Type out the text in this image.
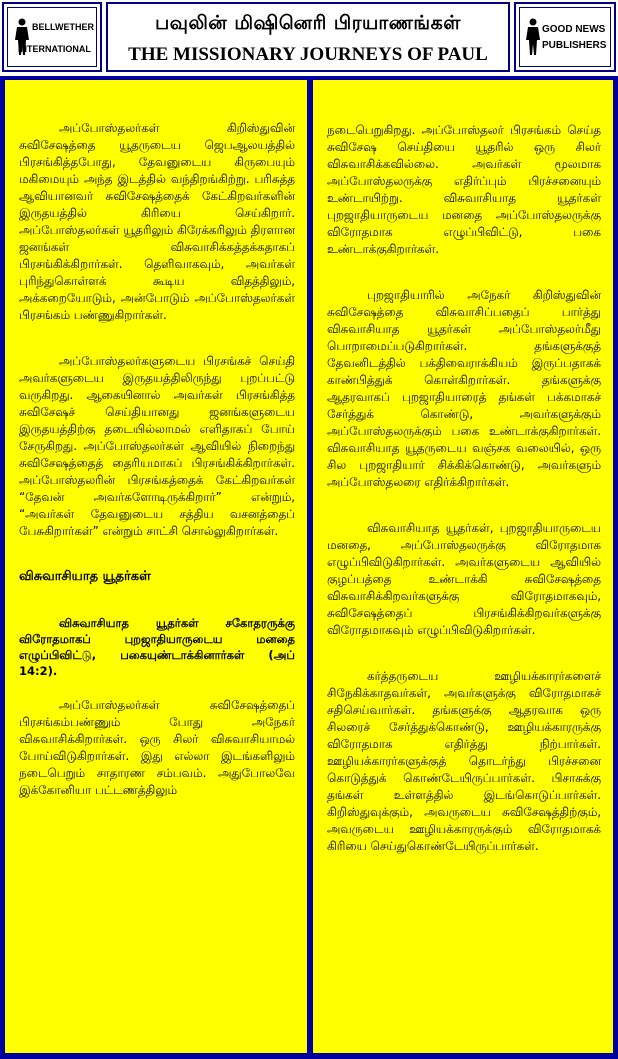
BELLWETHER
INTERNATIONAL
பவுலின் மிஷினெரி பிரயாணங்கள்
THE MISSIONARY JOURNEYS OF PAUL
GOOD NEWS
PUBLISHERS

அப்போஸ்தலர்கள் கிறிஸ்துவின் சுவிசேஷத்தை யூதருடைய ஜெபஆலயத்தில் பிரசங்கித்தபோது, தேவனுடைய கிருபையும் மகிமையும் அந்த இடத்தில் வந்திறங்கிற்று. பரிசுத்த ஆவியானவர் சுவிசேஷத்தைக் கேட்கிறவர்களின் இருதயத்தில் கிரியை செய்கிறார். அப்போஸ்தலர்கள் யூதரிலும் கிரேக்கரிலும் திரளான ஜனங்கள் விசுவாசிக்கத்தக்கதாகப் பிரசங்கிக்கிறார்கள். தெளிவாகவும், அவர்கள் புரிந்துகொள்ளக் கூடிய விதத்திலும், அக்கறையோடும், அன்போடும் அப்போஸ்தலர்கள் பிரசங்கம் பண்ணுகிறார்கள்.

அப்போஸ்தலர்களுடைய பிரசங்கச் செய்தி அவர்களுடைய இருதயத்திலிருந்து புறப்பட்டு வருகிறது. ஆகையினால் அவர்கள் பிரசங்கித்த சுவிசேஷச் செய்தியானது ஜனங்களுடைய இருதயத்திற்கு தடையில்லாமல் எளிதாகப் போய் சேருகிறது. அப்போஸ்தலர்கள் ஆவியில் நிறைந்து சுவிசேஷத்தைத் தைரியமாகப் பிரசங்கிக்கிறார்கள். அப்போஸ்தலரின் பிரசங்கத்தைக் கேட்கிறவர்கள் “தேவன் அவர்களோடிருக்கிறார்” என்றும், “அவர்கள் தேவனுடைய சத்திய வசனத்தைப் பேசுகிறார்கள்” என்றும் சாட்சி சொல்லுகிறார்கள்.

விசுவாசியாத யூதர்கள்

விசுவாசியாத யூதர்கள் சகோதரருக்கு விரோதமாகப் புறஜாதியாருடைய மனதை எழுப்பிவிட்டு, பகையுண்டாக்கினார்கள் (அப் 14:2).

அப்போஸ்தலர்கள் சுவிசேஷத்தைப் பிரசங்கம்பண்ணும் போது அநேகர் விசுவாசிக்கிறார்கள். ஒரு சிலர் விசுவாசியாமல் போய்விடுகிறார்கள். இது எல்லா இடங்களிலும் நடைபெறும் சாதாரண சம்பவம். அதுபோலவே இக்கோனியா பட்டணத்திலும்

நடைபெறுகிறது. அப்போஸ்தலர் பிரசங்கம் செய்த சுவிசேஷ செய்தியை யூதரில் ஒரு சிலர் விசுவாசிக்கவில்லை. அவர்கள் மூலமாக அப்போஸ்தலருக்கு எதிர்ப்பும் பிரச்சனையும் உண்டாயிற்று. விசுவாசியாத யூதர்கள் புறஜாதியாருடைய மனதை அப்போஸ்தலருக்கு விரோதமாக எழுப்பிவிட்டு, பகை உண்டாக்குகிறார்கள்.

புறஜாதியாரில் அநேகர் கிறிஸ்துவின் சுவிசேஷத்தை விசுவாசிப்பதைப் பார்த்து விசுவாசியாத யூதர்கள் அப்போஸ்தலர்மீது பொறாமைப்படுகிறார்கள். தங்களுக்குத் தேவனிடத்தில் பக்திவைராக்கியம் இருப்பதாகக் காண்பித்துக் கொள்கிறார்கள். தங்களுக்கு ஆதரவாகப் புறஜாதியாரைத் தங்கள் பக்கமாகச் சேர்த்துக் கொண்டு, அவர்களுக்கும் அப்போஸ்தலருக்கும் பகை உண்டாக்குகிறார்கள். விசுவாசியாத யூதருடைய வஞ்சக வலையில், ஒரு சில புறஜாதியார் சிக்கிக்கொண்டு, அவர்களும் அப்போஸ்தலரை எதிர்க்கிறார்கள்.

விசுவாசியாத யூதர்கள், புறஜாதியாருடைய மனதை, அப்போஸ்தலருக்கு விரோதமாக எழுப்பிவிடுகிறார்கள். அவர்களுடைய ஆவியில் குழப்பத்தை உண்டாக்கி சுவிசேஷத்தை விசுவாசிக்கிறவர்களுக்கு விரோதமாகவும், சுவிசேஷத்தைப் பிரசங்கிக்கிறவர்களுக்கு விரோதமாகவும் எழுப்பிவிடுகிறார்கள்.

கர்த்தருடைய ஊழியக்காரர்களைச் சிநேகிக்காதவர்கள், அவர்களுக்கு விரோதமாகச் சதிசெய்வார்கள். தங்களுக்கு ஆதரவாக ஒரு சிலரைச் சேர்த்துக்கொண்டு, ஊழியக்காரருக்கு விரோதமாக எதிர்த்து நிற்பார்கள். ஊழியக்காரர்களுக்குத் தொடர்ந்து பிரச்சனை கொடுத்துக் கொண்டேயிருப்பார்கள். பிசாசுக்கு தங்கள் உள்ளத்தில் இடங்கொடுப்பார்கள். கிறிஸ்துவுக்கும், அவருடைய சுவிசேஷத்திற்கும், அவருடைய ஊழியக்காரருக்கும் விரோதமாகக் கிரியை செய்துகொண்டேயிருப்பார்கள்.
